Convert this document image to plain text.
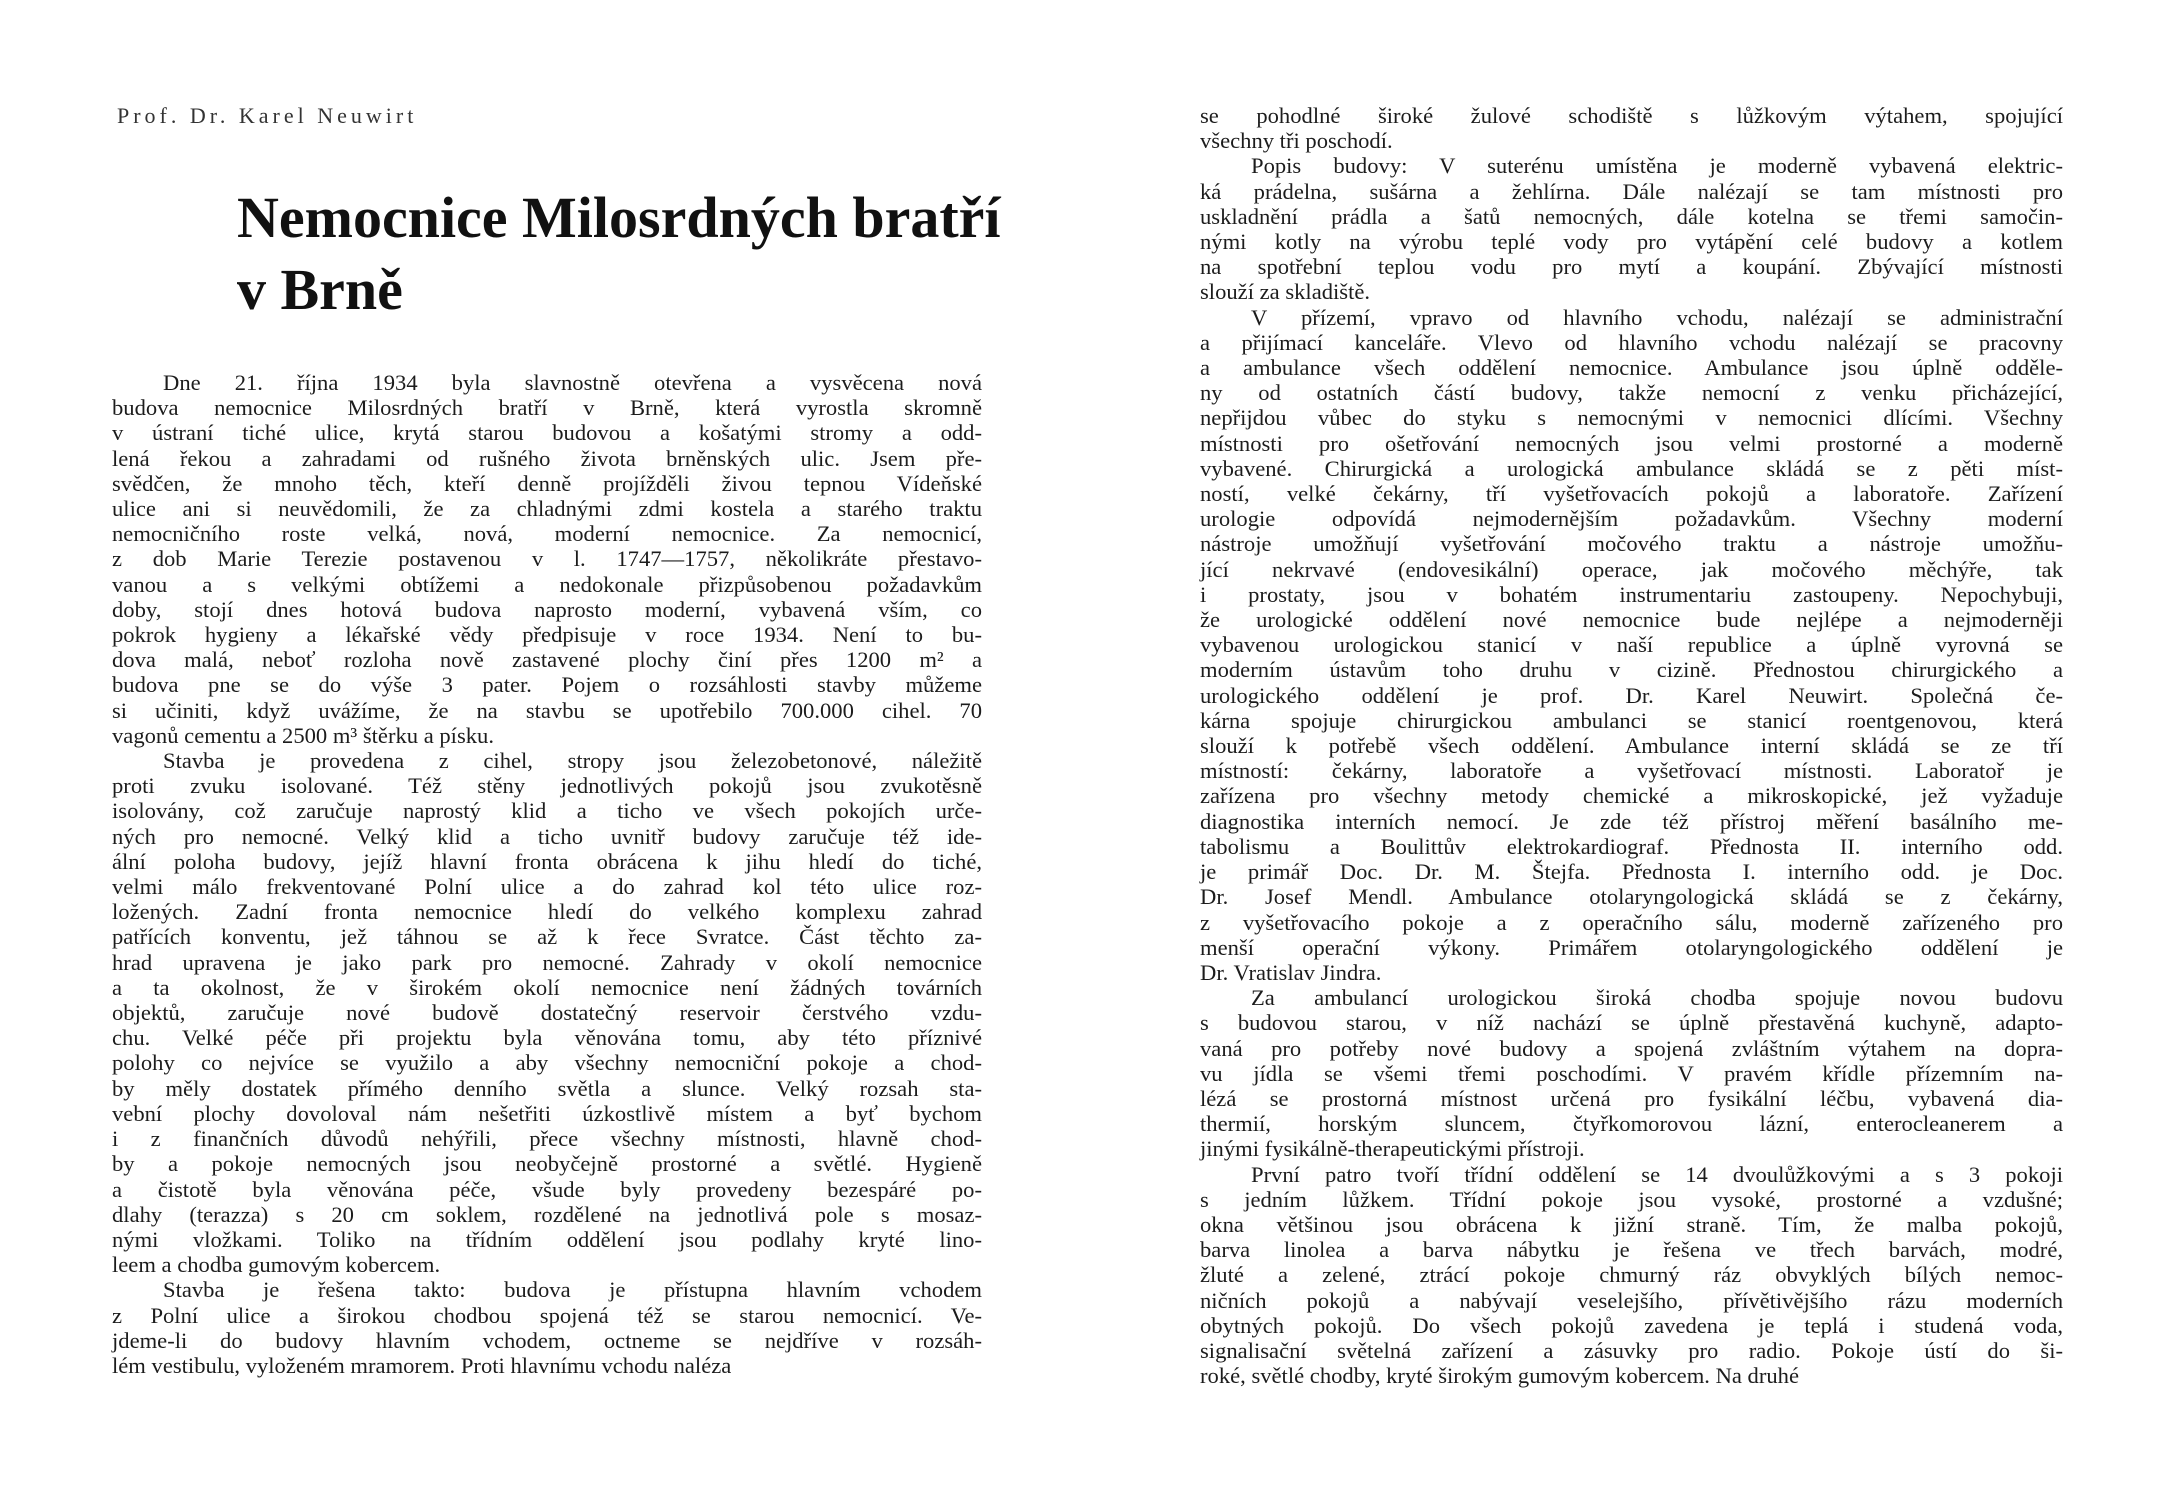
Prof. Dr. Karel Neuwirt
Nemocnice Milosrdných bratří
v Brně
Dne 21. října 1934 byla slavnostně otevřena a vysvěcena nová
budova nemocnice Milosrdných bratří v Brně, která vyrostla skromně
v ústraní tiché ulice, krytá starou budovou a košatými stromy a odd-
lená řekou a zahradami od rušného života brněnských ulic. Jsem pře-
svědčen, že mnoho těch, kteří denně projížděli živou tepnou Vídeňské
ulice ani si neuvědomili, že za chladnými zdmi kostela a starého traktu
nemocničního roste velká, nová, moderní nemocnice. Za nemocnicí,
z dob Marie Terezie postavenou v l. 1747—1757, několikráte přestavo-
vanou a s velkými obtížemi a nedokonale přizpůsobenou požadavkům
doby, stojí dnes hotová budova naprosto moderní, vybavená vším, co
pokrok hygieny a lékařské vědy předpisuje v roce 1934. Není to bu-
dova malá, neboť rozloha nově zastavené plochy činí přes 1200 m² a
budova pne se do výše 3 pater. Pojem o rozsáhlosti stavby můžeme
si učiniti, když uvážíme, že na stavbu se upotřebilo 700.000 cihel. 70
vagonů cementu a 2500 m³ štěrku a písku.
Stavba je provedena z cihel, stropy jsou železobetonové, náležitě
proti zvuku isolované. Též stěny jednotlivých pokojů jsou zvukotěsně
isolovány, což zaručuje naprostý klid a ticho ve všech pokojích urče-
ných pro nemocné. Velký klid a ticho uvnitř budovy zaručuje též ide-
ální poloha budovy, jejíž hlavní fronta obrácena k jihu hledí do tiché,
velmi málo frekventované Polní ulice a do zahrad kol této ulice roz-
ložených. Zadní fronta nemocnice hledí do velkého komplexu zahrad
patřících konventu, jež táhnou se až k řece Svratce. Část těchto za-
hrad upravena je jako park pro nemocné. Zahrady v okolí nemocnice
a ta okolnost, že v širokém okolí nemocnice není žádných továrních
objektů, zaručuje nové budově dostatečný reservoir čerstvého vzdu-
chu. Velké péče při projektu byla věnována tomu, aby této příznivé
polohy co nejvíce se využilo a aby všechny nemocniční pokoje a chod-
by měly dostatek přímého denního světla a slunce. Velký rozsah sta-
vební plochy dovoloval nám nešetřiti úzkostlivě místem a byť bychom
i z finančních důvodů nehýřili, přece všechny místnosti, hlavně chod-
by a pokoje nemocných jsou neobyčejně prostorné a světlé. Hygieně
a čistotě byla věnována péče, všude byly provedeny bezespáré po-
dlahy (terazza) s 20 cm soklem, rozdělené na jednotlivá pole s mosaz-
nými vložkami. Toliko na třídním oddělení jsou podlahy kryté lino-
leem a chodba gumovým kobercem.
Stavba je řešena takto: budova je přístupna hlavním vchodem
z Polní ulice a širokou chodbou spojená též se starou nemocnicí. Ve-
jdeme-li do budovy hlavním vchodem, octneme se nejdříve v rozsáh-
lém vestibulu, vyloženém mramorem. Proti hlavnímu vchodu naléza
se pohodlné široké žulové schodiště s lůžkovým výtahem, spojující
všechny tři poschodí.
Popis budovy: V suterénu umístěna je moderně vybavená elektric-
ká prádelna, sušárna a žehlírna. Dále nalézají se tam místnosti pro
uskladnění prádla a šatů nemocných, dále kotelna se třemi samočin-
nými kotly na výrobu teplé vody pro vytápění celé budovy a kotlem
na spotřební teplou vodu pro mytí a koupání. Zbývající místnosti
slouží za skladiště.
V přízemí, vpravo od hlavního vchodu, nalézají se administrační
a přijímací kanceláře. Vlevo od hlavního vchodu nalézají se pracovny
a ambulance všech oddělení nemocnice. Ambulance jsou úplně odděle-
ny od ostatních částí budovy, takže nemocní z venku přicházející,
nepřijdou vůbec do styku s nemocnými v nemocnici dlícími. Všechny
místnosti pro ošetřování nemocných jsou velmi prostorné a moderně
vybavené. Chirurgická a urologická ambulance skládá se z pěti míst-
ností, velké čekárny, tří vyšetřovacích pokojů a laboratoře. Zařízení
urologie odpovídá nejmodernějším požadavkům. Všechny moderní
nástroje umožňují vyšetřování močového traktu a nástroje umožňu-
jící nekrvavé (endovesikální) operace, jak močového měchýře, tak
i prostaty, jsou v bohatém instrumentariu zastoupeny. Nepochybuji,
že urologické oddělení nové nemocnice bude nejlépe a nejmoderněji
vybavenou urologickou stanicí v naší republice a úplně vyrovná se
moderním ústavům toho druhu v cizině. Přednostou chirurgického a
urologického oddělení je prof. Dr. Karel Neuwirt. Společná če-
kárna spojuje chirurgickou ambulanci se stanicí roentgenovou, která
slouží k potřebě všech oddělení. Ambulance interní skládá se ze tří
místností: čekárny, laboratoře a vyšetřovací místnosti. Laboratoř je
zařízena pro všechny metody chemické a mikroskopické, jež vyžaduje
diagnostika interních nemocí. Je zde též přístroj měření basálního me-
tabolismu a Boulittův elektrokardiograf. Přednosta II. interního odd.
je primář Doc. Dr. M. Štejfa. Přednosta I. interního odd. je Doc.
Dr. Josef Mendl. Ambulance otolaryngologická skládá se z čekárny,
z vyšetřovacího pokoje a z operačního sálu, moderně zařízeného pro
menší operační výkony. Primářem otolaryngologického oddělení je
Dr. Vratislav Jindra.
Za ambulancí urologickou široká chodba spojuje novou budovu
s budovou starou, v níž nachází se úplně přestavěná kuchyně, adapto-
vaná pro potřeby nové budovy a spojená zvláštním výtahem na dopra-
vu jídla se všemi třemi poschodími. V pravém křídle přízemním na-
lézá se prostorná místnost určená pro fysikální léčbu, vybavená dia-
thermií, horským sluncem, čtyřkomorovou lázní, enterocleanerem a
jinými fysikálně-therapeutickými přístroji.
První patro tvoří třídní oddělení se 14 dvoulůžkovými a s 3 pokoji
s jedním lůžkem. Třídní pokoje jsou vysoké, prostorné a vzdušné;
okna většinou jsou obrácena k jižní straně. Tím, že malba pokojů,
barva linolea a barva nábytku je řešena ve třech barvách, modré,
žluté a zelené, ztrácí pokoje chmurný ráz obvyklých bílých nemoc-
ničních pokojů a nabývají veselejšího, přívětivějšího rázu moderních
obytných pokojů. Do všech pokojů zavedena je teplá i studená voda,
signalisační světelná zařízení a zásuvky pro radio. Pokoje ústí do ši-
roké, světlé chodby, kryté širokým gumovým kobercem. Na druhé
